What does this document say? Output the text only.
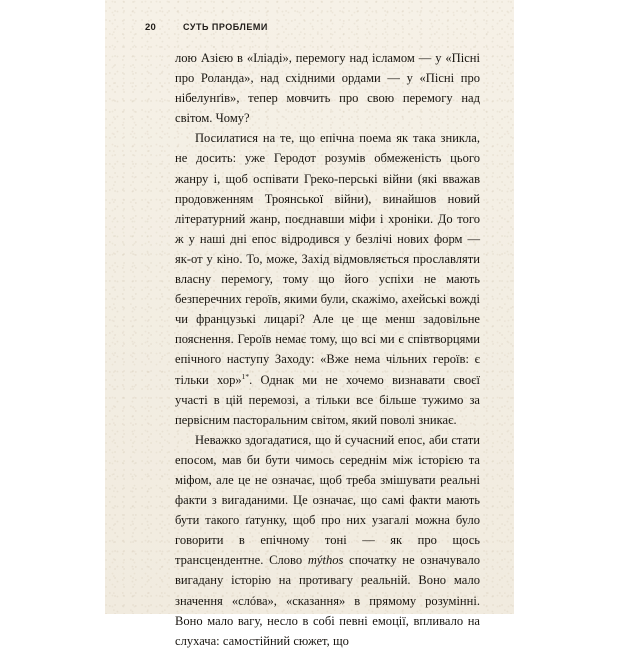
20	СУТЬ ПРОБЛЕМИ

лою Азією в «Іліаді», перемогу над ісламом — у «Пісні про Роланда», над східними ордами — у «Пісні про нібелунґів», тепер мовчить про свою перемогу над світом. Чому?

Посилатися на те, що епічна поема як така зникла, не досить: уже Геродот розумів обмеженість цього жанру і, щоб оспівати Греко-перські війни (які вважав продовженням Троянської війни), винайшов новий літературний жанр, поєднавши міфи і хроніки. До того ж у наші дні епос відродився у безлічі нових форм — як-от у кіно. То, може, Захід відмовляється прославляти власну перемогу, тому що його успіхи не мають безперечних героїв, якими були, скажімо, ахейські вожді чи французькі лицарі? Але це ще менш задовільне пояснення. Героїв немає тому, що всі ми є співтворцями епічного наступу Заходу: «Вже нема чільних героїв: є тільки хор»$^{1*}$. Однак ми не хочемо визнавати своєї участі в цій перемозі, а тільки все більше тужимо за первісним пасторальним світом, який поволі зникає.

Неважко здогадатися, що й сучасний епос, аби стати епосом, мав би бути чимось середнім між історією та міфом, але це не означає, щоб треба змішувати реальні факти з вигаданими. Це означає, що самі факти мають бути такого ґатунку, щоб про них узагалі можна було говорити в епічному тоні — як про щось трансцендентне. Слово mýthos спочатку не означувало вигадану історію на противагу реальній. Воно мало значення «слóва», «сказання» в прямому розумінні. Воно мало вагу, несло в собі певні емоції, впливало на слухача: самостійний сюжет, що
